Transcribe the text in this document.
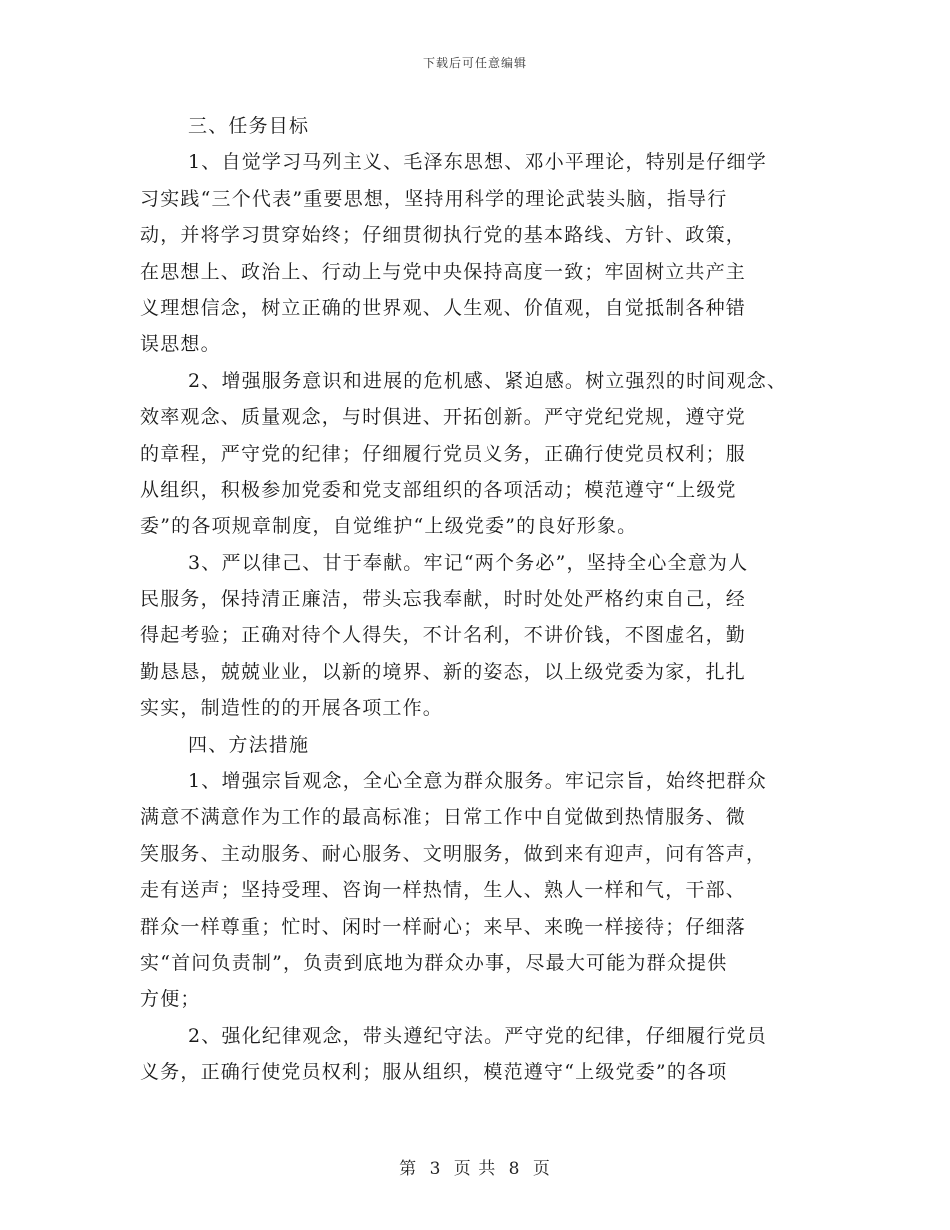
下载后可任意编辑

三、任务目标

1、自觉学习马列主义、毛泽东思想、邓小平理论，特别是仔细学
习实践“三个代表”重要思想，坚持用科学的理论武装头脑，指导行
动，并将学习贯穿始终；仔细贯彻执行党的基本路线、方针、政策，
在思想上、政治上、行动上与党中央保持高度一致；牢固树立共产主
义理想信念，树立正确的世界观、人生观、价值观，自觉抵制各种错
误思想。

2、增强服务意识和进展的危机感、紧迫感。树立强烈的时间观念、
效率观念、质量观念，与时俱进、开拓创新。严守党纪党规，遵守党
的章程，严守党的纪律；仔细履行党员义务，正确行使党员权利；服
从组织，积极参加党委和党支部组织的各项活动；模范遵守“上级党
委”的各项规章制度，自觉维护“上级党委”的良好形象。

3、严以律己、甘于奉献。牢记“两个务必”，坚持全心全意为人
民服务，保持清正廉洁，带头忘我奉献，时时处处严格约束自己，经
得起考验；正确对待个人得失，不计名利，不讲价钱，不图虚名，勤
勤恳恳，兢兢业业，以新的境界、新的姿态，以上级党委为家，扎扎
实实，制造性的的开展各项工作。

四、方法措施

1、增强宗旨观念，全心全意为群众服务。牢记宗旨，始终把群众
满意不满意作为工作的最高标准；日常工作中自觉做到热情服务、微
笑服务、主动服务、耐心服务、文明服务，做到来有迎声，问有答声，
走有送声；坚持受理、咨询一样热情，生人、熟人一样和气，干部、
群众一样尊重；忙时、闲时一样耐心；来早、来晚一样接待；仔细落
实“首问负责制”，负责到底地为群众办事，尽最大可能为群众提供
方便；

2、强化纪律观念，带头遵纪守法。严守党的纪律，仔细履行党员
义务，正确行使党员权利；服从组织，模范遵守“上级党委”的各项

第 3 页 共 8 页
